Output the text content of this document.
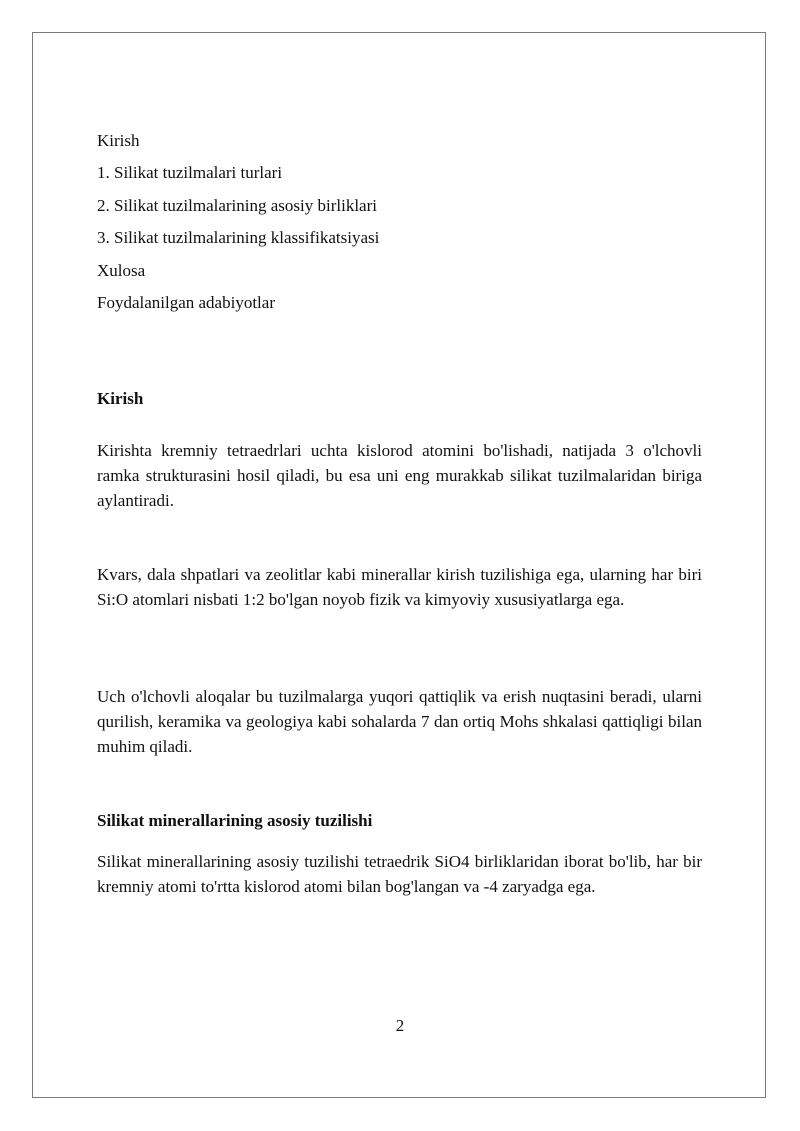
Kirish
1. Silikat tuzilmalari turlari
2. Silikat tuzilmalarining asosiy birliklari
3. Silikat tuzilmalarining klassifikatsiyasi
Xulosa
Foydalanilgan adabiyotlar
Kirish

Kirishta kremniy tetraedrlari uchta kislorod atomini bo'lishadi, natijada 3 o'lchovli ramka strukturasini hosil qiladi, bu esa uni eng murakkab silikat tuzilmalaridan biriga aylantiradi.

Kvars, dala shpatlari va zeolitlar kabi minerallar kirish tuzilishiga ega, ularning har biri Si:O atomlari nisbati 1:2 bo'lgan noyob fizik va kimyoviy xususiyatlarga ega.

Uch o'lchovli aloqalar bu tuzilmalarga yuqori qattiqlik va erish nuqtasini beradi, ularni qurilish, keramika va geologiya kabi sohalarda 7 dan ortiq Mohs shkalasi qattiqligi bilan muhim qiladi.

Silikat minerallarining asosiy tuzilishi

Silikat minerallarining asosiy tuzilishi tetraedrik SiO4 birliklaridan iborat bo'lib, har bir kremniy atomi to'rtta kislorod atomi bilan bog'langan va -4 zaryadga ega.

2
